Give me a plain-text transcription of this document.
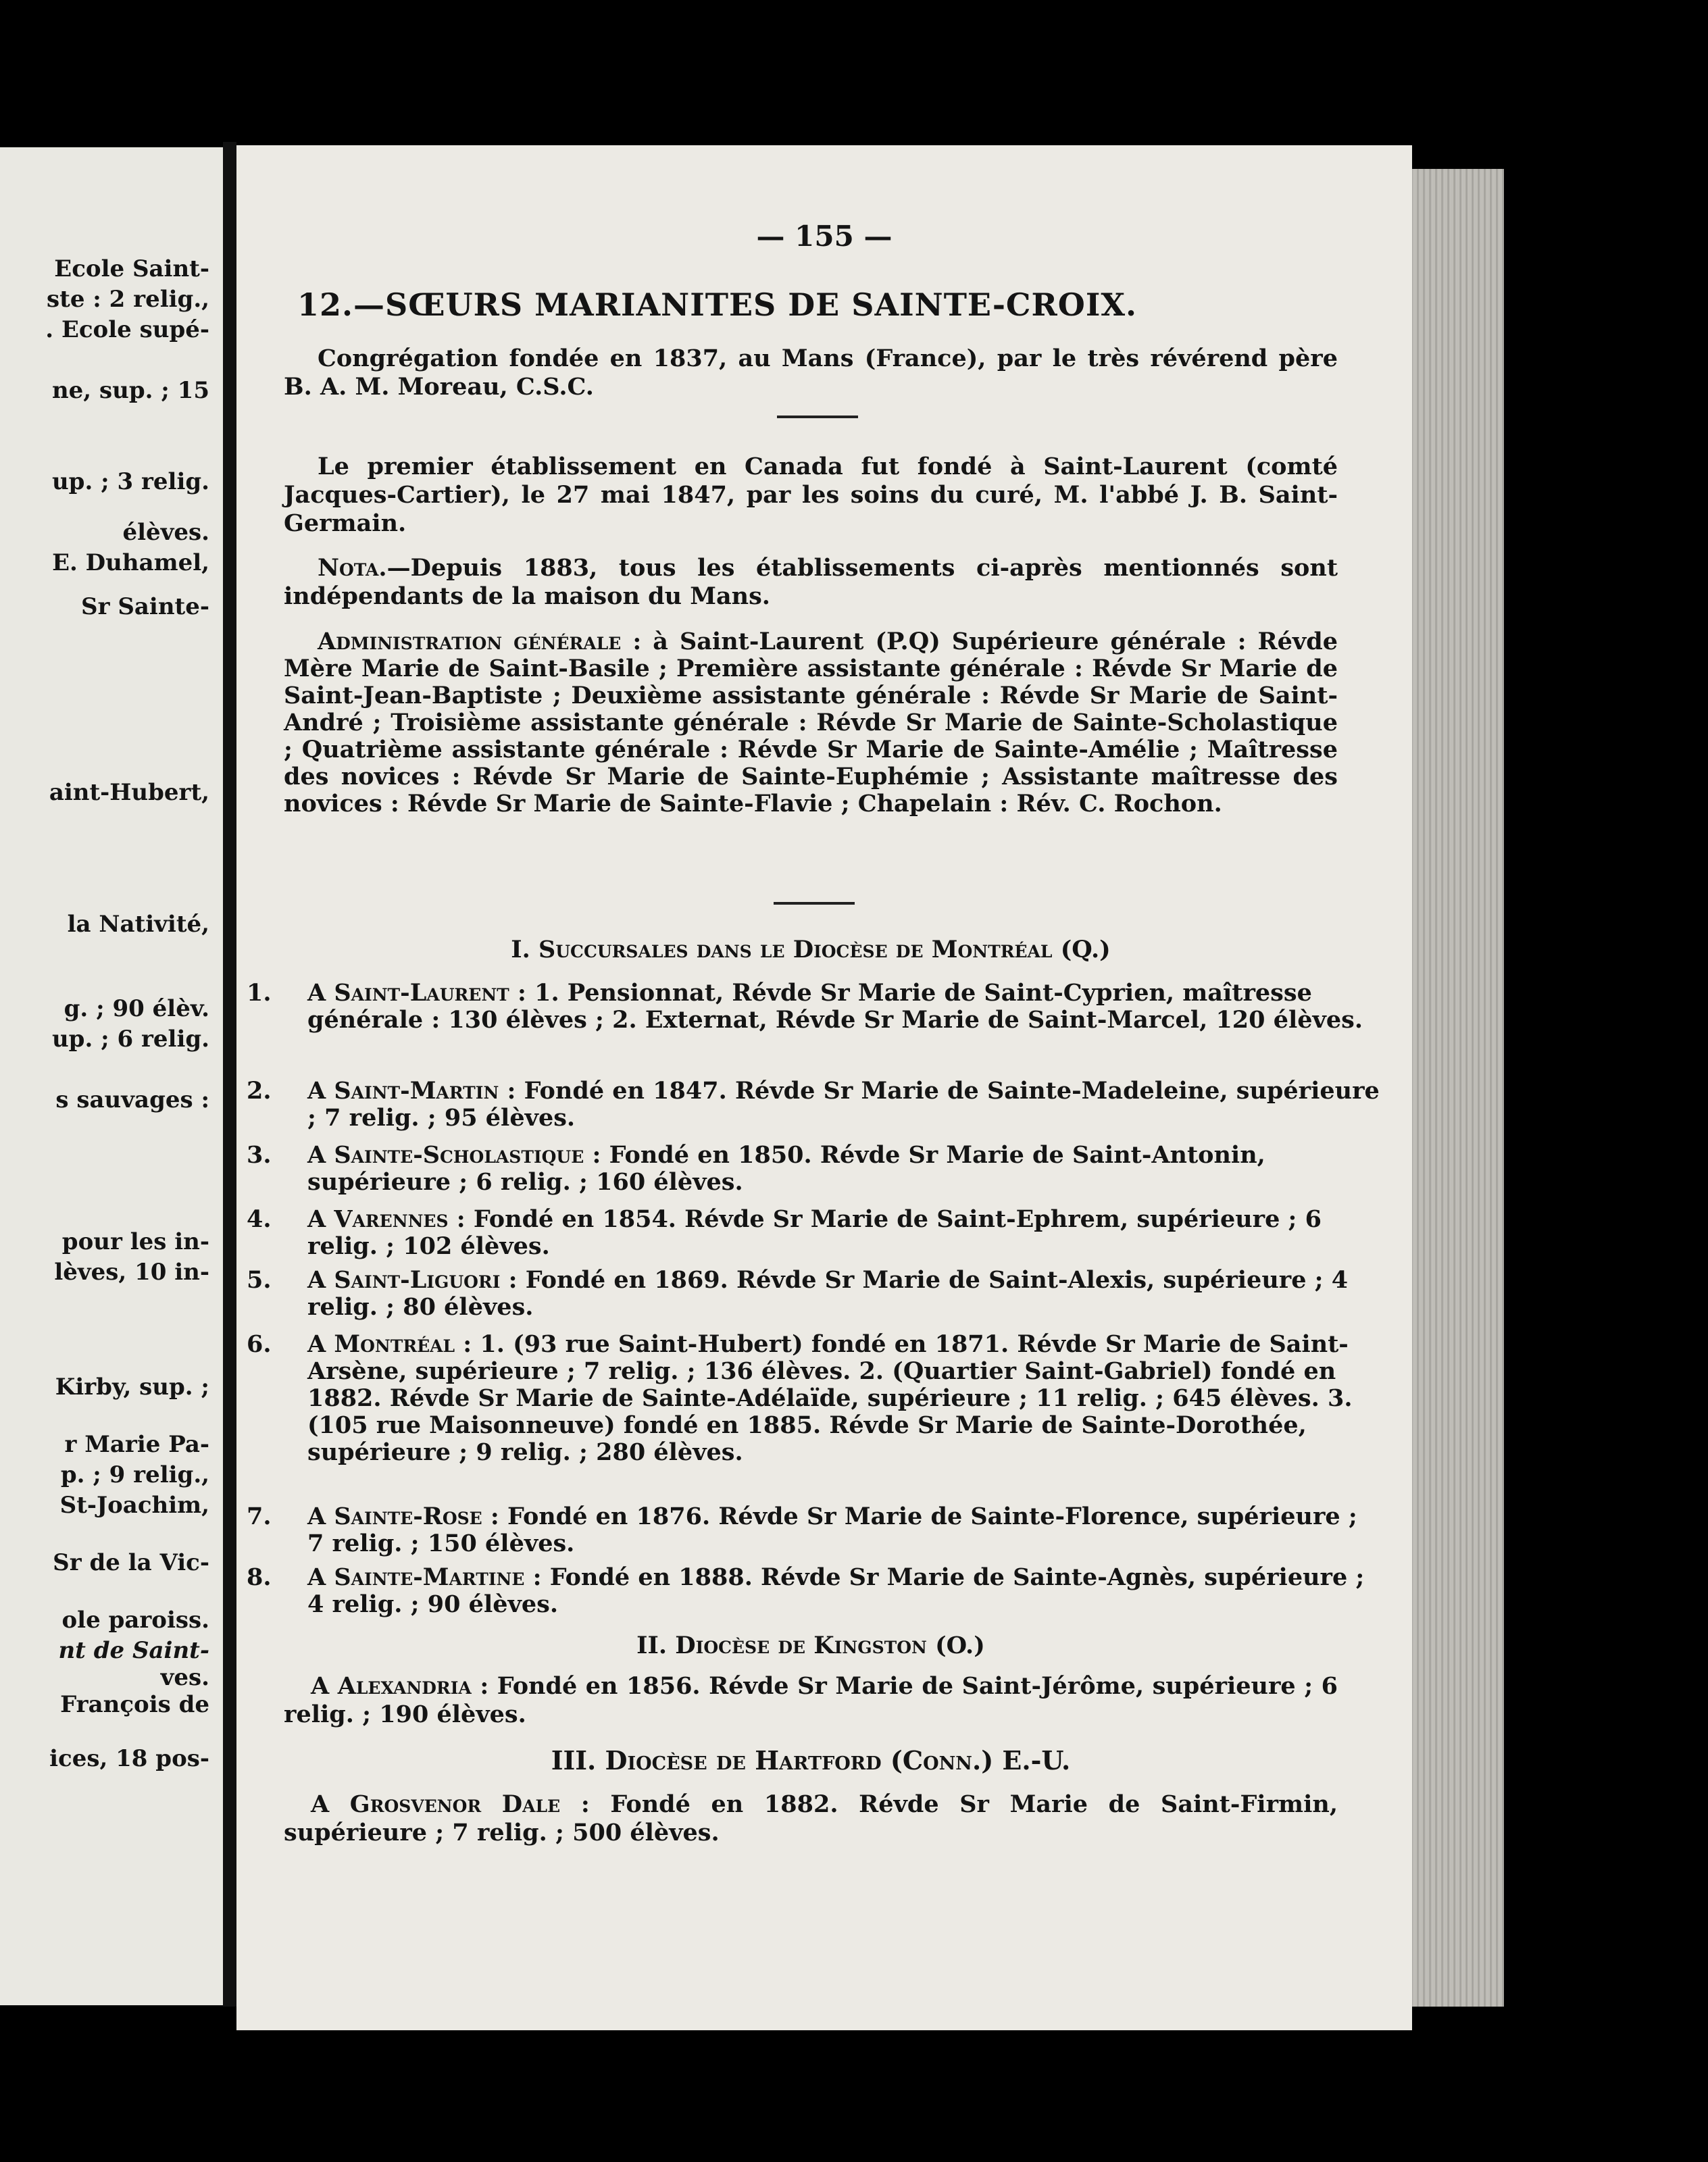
Ecole Saint-
ste : 2 relig.,
. Ecole supé-
ne, sup. ; 15
up. ; 3 relig.
élèves.
E. Duhamel,
Sr Sainte-
aint-Hubert,
la Nativité,
g. ; 90 élèv.
up. ; 6 relig.
s sauvages :
pour les in-
lèves, 10 in-
Kirby, sup. ;
r Marie Pa-
p. ; 9 relig.,
St-Joachim,
Sr de la Vic-
ole paroiss.
nt de Saint-
ves.
François de
ices, 18 pos-
— 155 —
12.—SŒURS MARIANITES DE SAINTE-CROIX.
Congrégation fondée en 1837, au Mans (France), par le très révérend père B. A. M. Moreau, C.S.C.
Le premier établissement en Canada fut fondé à Saint-Laurent (comté Jacques-Cartier), le 27 mai 1847, par les soins du curé, M. l'abbé J. B. Saint-Germain.
Nota.—Depuis 1883, tous les établissements ci-après mentionnés sont indépendants de la maison du Mans.
Administration générale : à Saint-Laurent (P.Q) Supérieure générale : Révde Mère Marie de Saint-Basile ; Première assistante générale : Révde Sr Marie de Saint-Jean-Baptiste ; Deuxième assistante générale : Révde Sr Marie de Saint-André ; Troisième assistante générale : Révde Sr Marie de Sainte-Scholastique ; Quatrième assistante générale : Révde Sr Marie de Sainte-Amélie ; Maîtresse des novices : Révde Sr Marie de Sainte-Euphémie ; Assistante maîtresse des novices : Révde Sr Marie de Sainte-Flavie ; Chapelain : Rév. C. Rochon.
I. Succursales dans le Diocèse de Montréal (Q.)
1. A Saint-Laurent : 1. Pensionnat, Révde Sr Marie de Saint-Cyprien, maîtresse générale : 130 élèves ; 2. Externat, Révde Sr Marie de Saint-Marcel, 120 élèves.
2. A Saint-Martin : Fondé en 1847. Révde Sr Marie de Sainte-Madeleine, supérieure ; 7 relig. ; 95 élèves.
3. A Sainte-Scholastique : Fondé en 1850. Révde Sr Marie de Saint-Antonin, supérieure ; 6 relig. ; 160 élèves.
4. A Varennes : Fondé en 1854. Révde Sr Marie de Saint-Ephrem, supérieure ; 6 relig. ; 102 élèves.
5. A Saint-Liguori : Fondé en 1869. Révde Sr Marie de Saint-Alexis, supérieure ; 4 relig. ; 80 élèves.
6. A Montréal : 1. (93 rue Saint-Hubert) fondé en 1871. Révde Sr Marie de Saint-Arsène, supérieure ; 7 relig. ; 136 élèves. 2. (Quartier Saint-Gabriel) fondé en 1882. Révde Sr Marie de Sainte-Adélaïde, supérieure ; 11 relig. ; 645 élèves. 3. (105 rue Maisonneuve) fondé en 1885. Révde Sr Marie de Sainte-Dorothée, supérieure ; 9 relig. ; 280 élèves.
7. A Sainte-Rose : Fondé en 1876. Révde Sr Marie de Sainte-Florence, supérieure ; 7 relig. ; 150 élèves.
8. A Sainte-Martine : Fondé en 1888. Révde Sr Marie de Sainte-Agnès, supérieure ; 4 relig. ; 90 élèves.
II. Diocèse de Kingston (O.)
A Alexandria : Fondé en 1856. Révde Sr Marie de Saint-Jérôme, supérieure ; 6 relig. ; 190 élèves.
III. Diocèse de Hartford (Conn.) E.-U.
A Grosvenor Dale : Fondé en 1882. Révde Sr Marie de Saint-Firmin, supérieure ; 7 relig. ; 500 élèves.
